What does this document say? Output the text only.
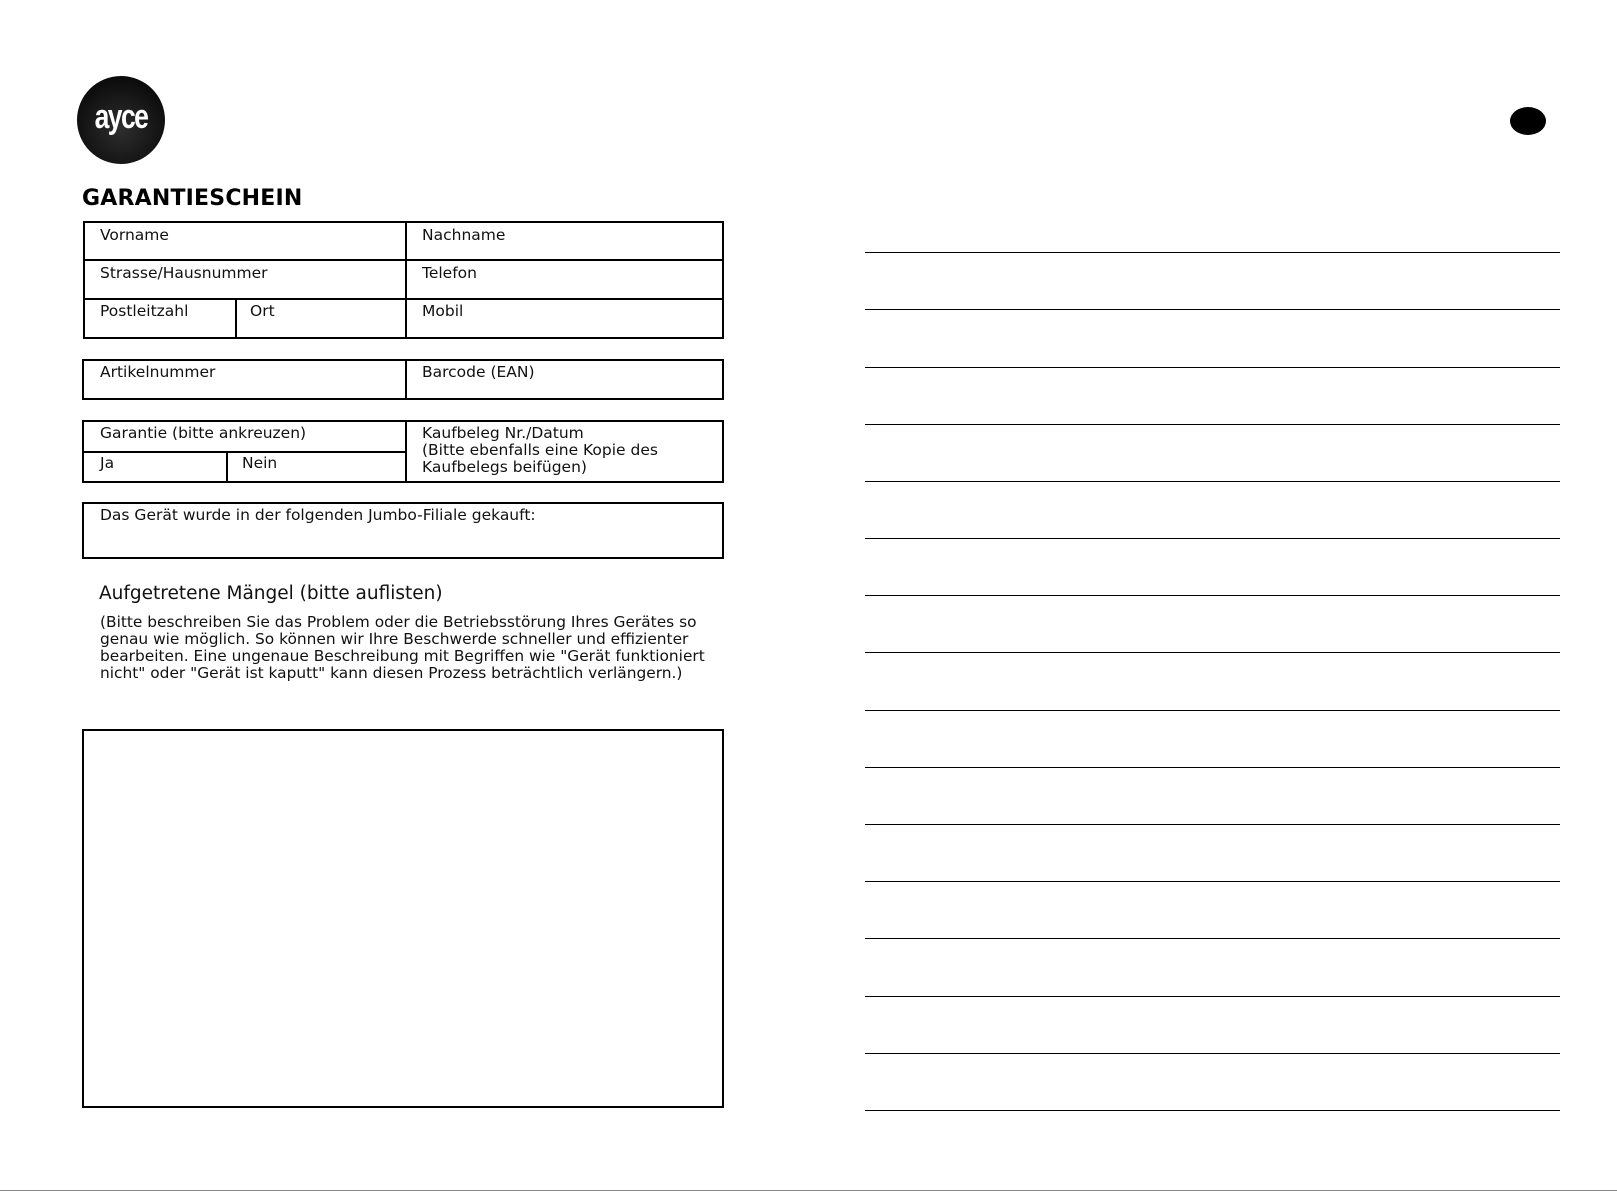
ayce
GARANTIESCHEIN
Vorname	Nachname
Strasse/Hausnummer	Telefon
Postleitzahl	Ort	Mobil
Artikelnummer	Barcode (EAN)
Garantie (bitte ankreuzen)
Ja	Nein
Kaufbeleg Nr./Datum
(Bitte ebenfalls eine Kopie des
Kaufbelegs beifügen)
Das Gerät wurde in der folgenden Jumbo-Filiale gekauft:
Aufgetretene Mängel (bitte auflisten)
(Bitte beschreiben Sie das Problem oder die Betriebsstörung Ihres Gerätes so
genau wie möglich. So können wir Ihre Beschwerde schneller und effizienter
bearbeiten. Eine ungenaue Beschreibung mit Begriffen wie "Gerät funktioniert
nicht" oder "Gerät ist kaputt" kann diesen Prozess beträchtlich verlängern.)
